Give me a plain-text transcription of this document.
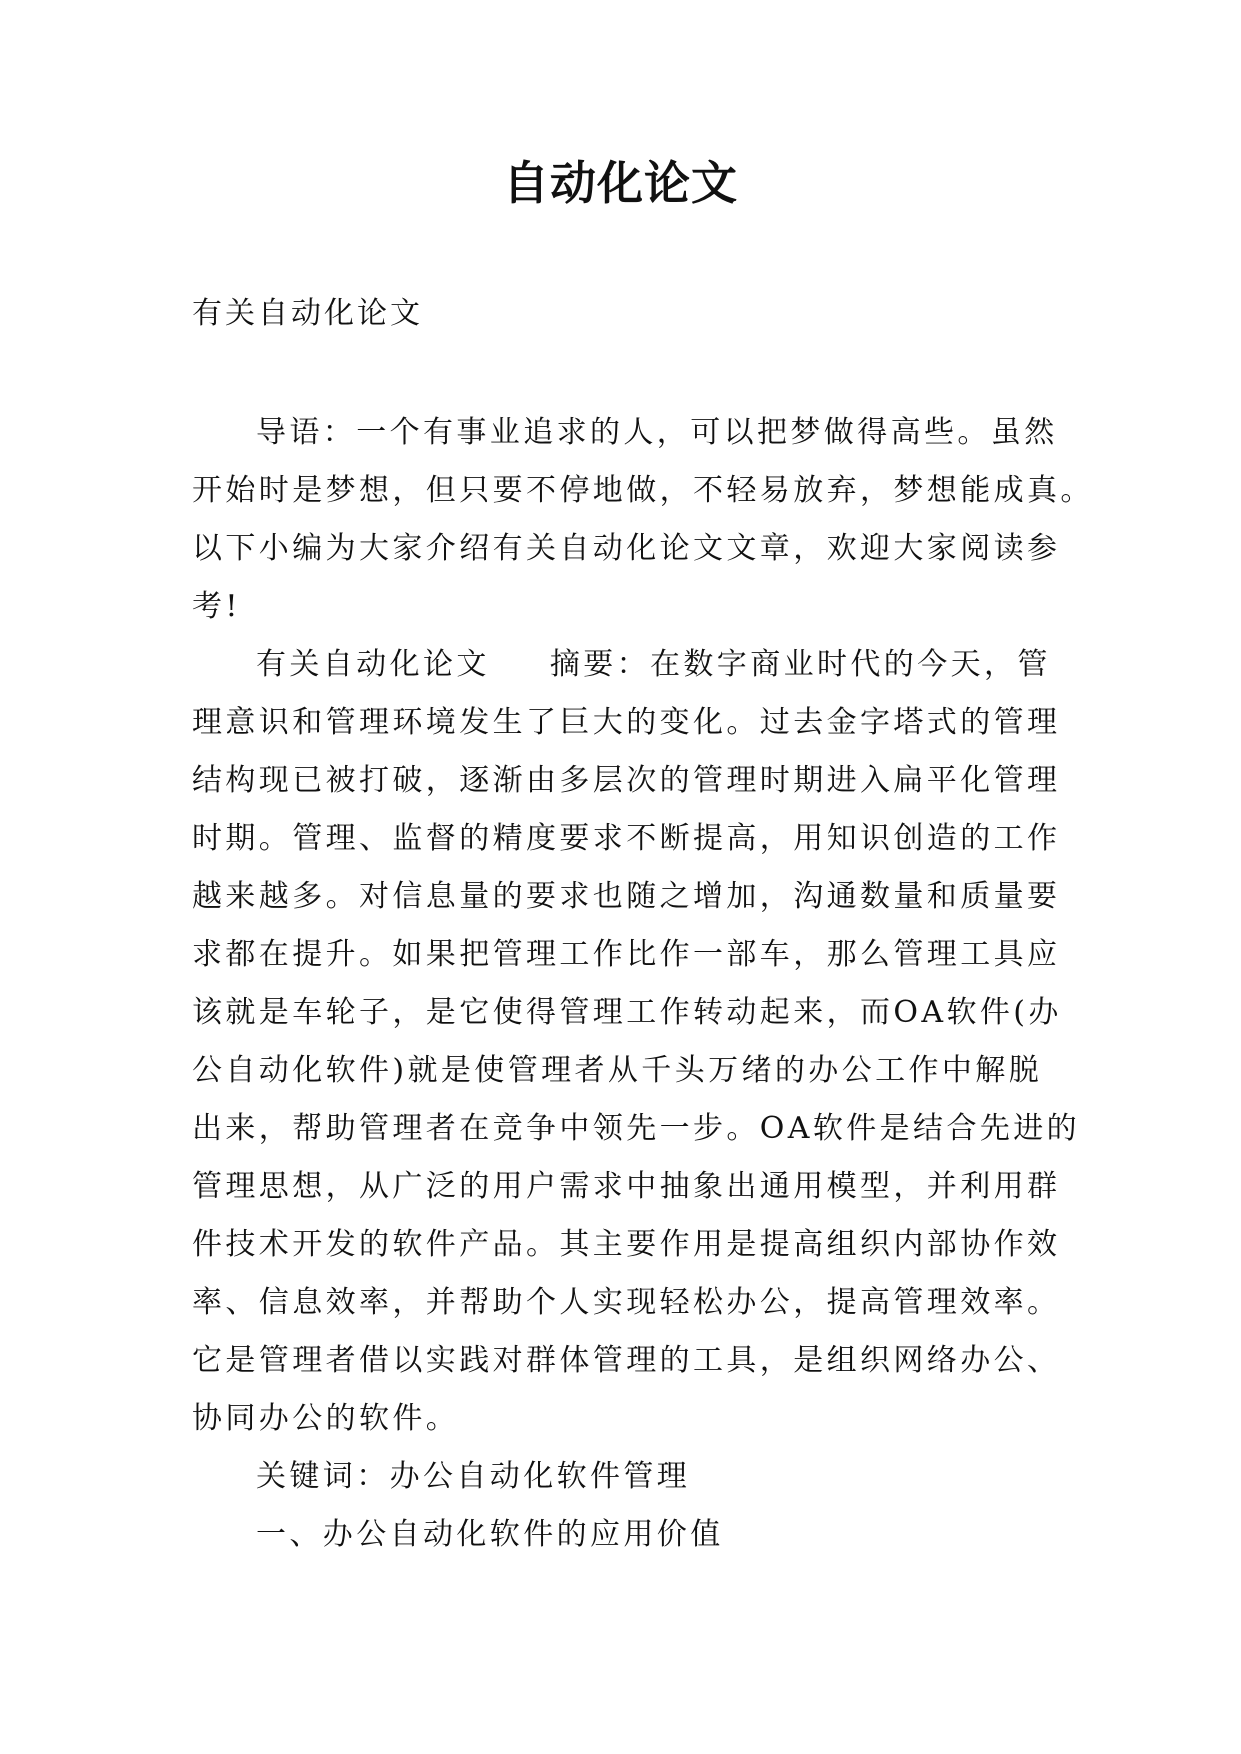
自动化论文
有关自动化论文
导语：一个有事业追求的人，可以把梦做得高些。虽然
开始时是梦想，但只要不停地做，不轻易放弃，梦想能成真。
以下小编为大家介绍有关自动化论文文章，欢迎大家阅读参
考!
有关自动化论文 摘要：在数字商业时代的今天，管
理意识和管理环境发生了巨大的变化。过去金字塔式的管理
结构现已被打破，逐渐由多层次的管理时期进入扁平化管理
时期。管理、监督的精度要求不断提高，用知识创造的工作
越来越多。对信息量的要求也随之增加，沟通数量和质量要
求都在提升。如果把管理工作比作一部车，那么管理工具应
该就是车轮子，是它使得管理工作转动起来，而OA软件(办
公自动化软件)就是使管理者从千头万绪的办公工作中解脱
出来，帮助管理者在竞争中领先一步。OA软件是结合先进的
管理思想，从广泛的用户需求中抽象出通用模型，并利用群
件技术开发的软件产品。其主要作用是提高组织内部协作效
率、信息效率，并帮助个人实现轻松办公，提高管理效率。
它是管理者借以实践对群体管理的工具，是组织网络办公、
协同办公的软件。
关键词：办公自动化软件管理
一、办公自动化软件的应用价值
